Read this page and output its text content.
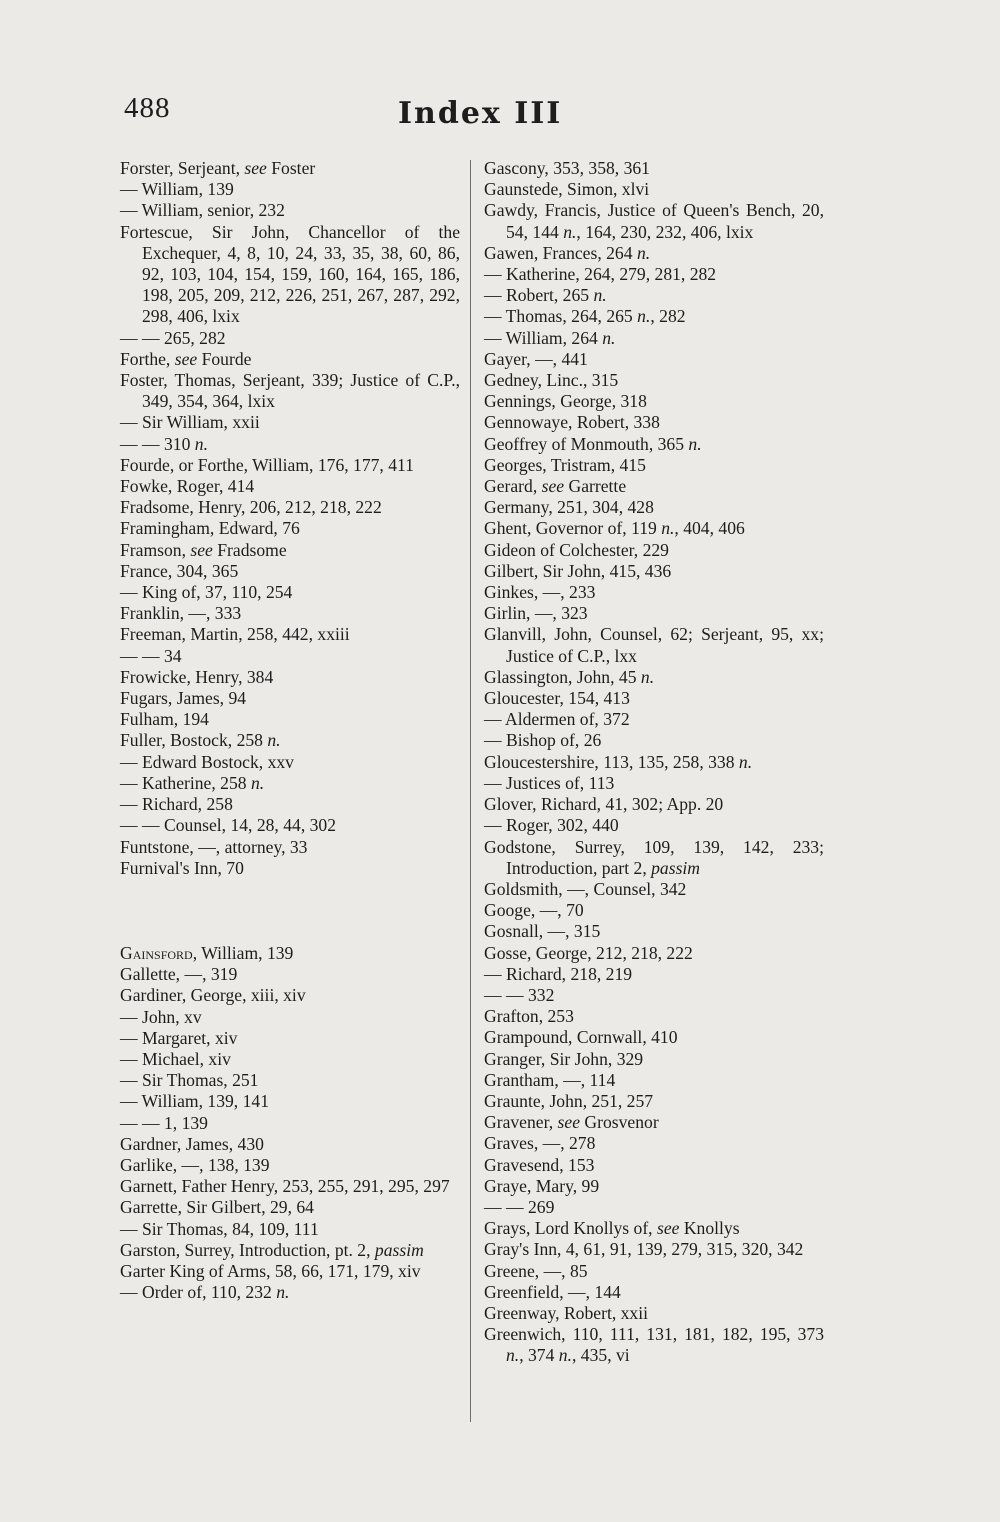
488	Index III
Forster, Serjeant, see Foster
— William, 139
— William, senior, 232
Fortescue, Sir John, Chancellor of the Exchequer, 4, 8, 10, 24, 33, 35, 38, 60, 86, 92, 103, 104, 154, 159, 160, 164, 165, 186, 198, 205, 209, 212, 226, 251, 267, 287, 292, 298, 406, lxix
— — 265, 282
Forthe, see Fourde
Foster, Thomas, Serjeant, 339; Justice of C.P., 349, 354, 364, lxix
— Sir William, xxii
— — 310 n.
Fourde, or Forthe, William, 176, 177, 411
Fowke, Roger, 414
Fradsome, Henry, 206, 212, 218, 222
Framingham, Edward, 76
Framson, see Fradsome
France, 304, 365
— King of, 37, 110, 254
Franklin, —, 333
Freeman, Martin, 258, 442, xxiii
— — 34
Frowicke, Henry, 384
Fugars, James, 94
Fulham, 194
Fuller, Bostock, 258 n.
— Edward Bostock, xxv
— Katherine, 258 n.
— Richard, 258
— — Counsel, 14, 28, 44, 302
Funtstone, —, attorney, 33
Furnival's Inn, 70
Gainsford, William, 139
Gallette, —, 319
Gardiner, George, xiii, xiv
— John, xv
— Margaret, xiv
— Michael, xiv
— Sir Thomas, 251
— William, 139, 141
— — 1, 139
Gardner, James, 430
Garlike, —, 138, 139
Garnett, Father Henry, 253, 255, 291, 295, 297
Garrette, Sir Gilbert, 29, 64
— Sir Thomas, 84, 109, 111
Garston, Surrey, Introduction, pt. 2, passim
Garter King of Arms, 58, 66, 171, 179, xiv
— Order of, 110, 232 n.
Gascony, 353, 358, 361
Gaunstede, Simon, xlvi
Gawdy, Francis, Justice of Queen's Bench, 20, 54, 144 n., 164, 230, 232, 406, lxix
Gawen, Frances, 264 n.
— Katherine, 264, 279, 281, 282
— Robert, 265 n.
— Thomas, 264, 265 n., 282
— William, 264 n.
Gayer, —, 441
Gedney, Linc., 315
Gennings, George, 318
Gennowaye, Robert, 338
Geoffrey of Monmouth, 365 n.
Georges, Tristram, 415
Gerard, see Garrette
Germany, 251, 304, 428
Ghent, Governor of, 119 n., 404, 406
Gideon of Colchester, 229
Gilbert, Sir John, 415, 436
Ginkes, —, 233
Girlin, —, 323
Glanvill, John, Counsel, 62; Serjeant, 95, xx; Justice of C.P., lxx
Glassington, John, 45 n.
Gloucester, 154, 413
— Aldermen of, 372
— Bishop of, 26
Gloucestershire, 113, 135, 258, 338 n.
— Justices of, 113
Glover, Richard, 41, 302; App. 20
— Roger, 302, 440
Godstone, Surrey, 109, 139, 142, 233; Introduction, part 2, passim
Goldsmith, —, Counsel, 342
Googe, —, 70
Gosnall, —, 315
Gosse, George, 212, 218, 222
— Richard, 218, 219
— — 332
Grafton, 253
Grampound, Cornwall, 410
Granger, Sir John, 329
Grantham, —, 114
Graunte, John, 251, 257
Gravener, see Grosvenor
Graves, —, 278
Gravesend, 153
Graye, Mary, 99
— — 269
Grays, Lord Knollys of, see Knollys
Gray's Inn, 4, 61, 91, 139, 279, 315, 320, 342
Greene, —, 85
Greenfield, —, 144
Greenway, Robert, xxii
Greenwich, 110, 111, 131, 181, 182, 195, 373 n., 374 n., 435, vi
